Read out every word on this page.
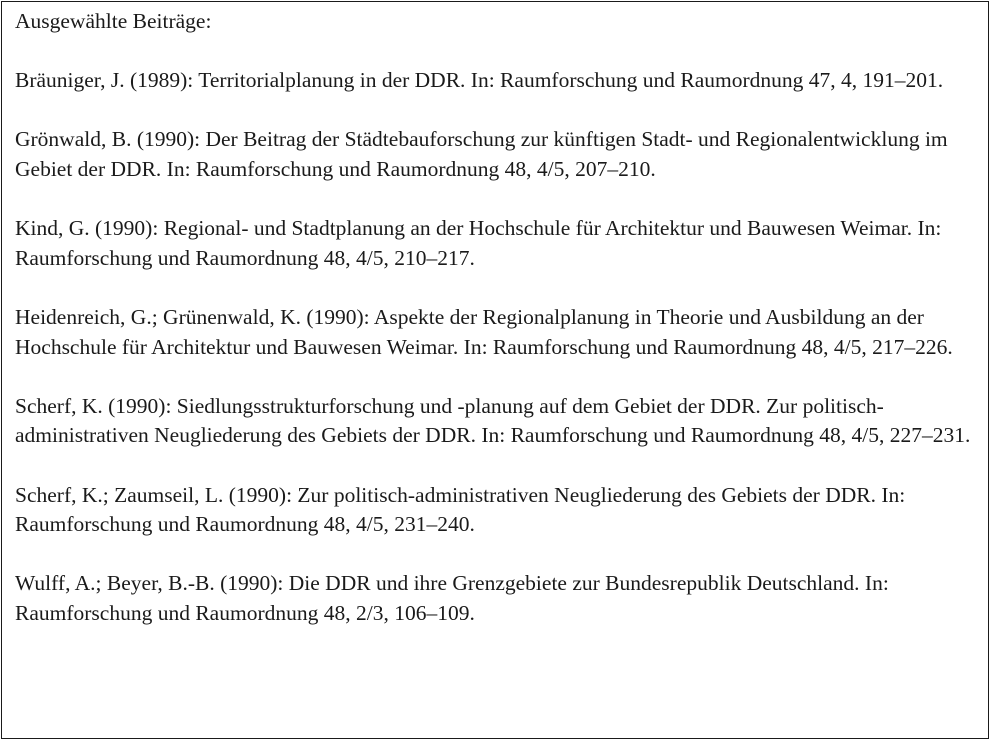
Ausgewählte Beiträge:
Bräuniger, J. (1989): Territorialplanung in der DDR. In: Raumforschung und Raumordnung 47, 4, 191–201.
Grönwald, B. (1990): Der Beitrag der Städtebauforschung zur künftigen Stadt- und Regionalentwicklung im Gebiet der DDR. In: Raumforschung und Raumordnung 48, 4/5, 207–210.
Kind, G. (1990): Regional- und Stadtplanung an der Hochschule für Architektur und Bauwesen Weimar. In: Raumforschung und Raumordnung 48, 4/5, 210–217.
Heidenreich, G.; Grünenwald, K. (1990): Aspekte der Regionalplanung in Theorie und Ausbildung an der Hochschule für Architektur und Bauwesen Weimar. In: Raumforschung und Raumordnung 48, 4/5, 217–226.
Scherf, K. (1990): Siedlungsstrukturforschung und -planung auf dem Gebiet der DDR. Zur politisch-administrativen Neugliederung des Gebiets der DDR. In: Raumforschung und Raumordnung 48, 4/5, 227–231.
Scherf, K.; Zaumseil, L. (1990): Zur politisch-administrativen Neugliederung des Gebiets der DDR. In: Raumforschung und Raumordnung 48, 4/5, 231–240.
Wulff, A.; Beyer, B.-B. (1990): Die DDR und ihre Grenzgebiete zur Bundesrepublik Deutschland. In: Raumforschung und Raumordnung 48, 2/3, 106–109.
